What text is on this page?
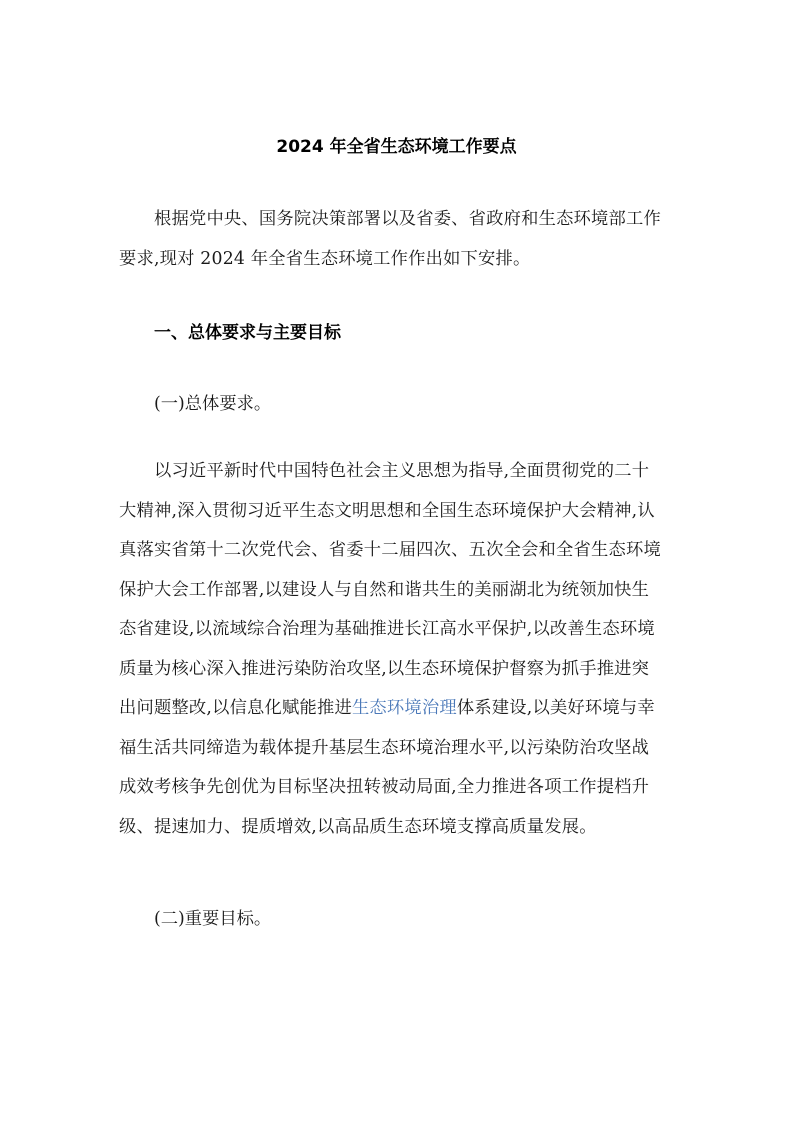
2024 年全省生态环境工作要点
根据党中央、国务院决策部署以及省委、省政府和生态环境部工作
要求,现对 2024 年全省生态环境工作作出如下安排。
一、总体要求与主要目标
(一)总体要求。
以习近平新时代中国特色社会主义思想为指导,全面贯彻党的二十
大精神,深入贯彻习近平生态文明思想和全国生态环境保护大会精神,认
真落实省第十二次党代会、省委十二届四次、五次全会和全省生态环境
保护大会工作部署,以建设人与自然和谐共生的美丽湖北为统领加快生
态省建设,以流域综合治理为基础推进长江高水平保护,以改善生态环境
质量为核心深入推进污染防治攻坚,以生态环境保护督察为抓手推进突
出问题整改,以信息化赋能推进生态环境治理体系建设,以美好环境与幸
福生活共同缔造为载体提升基层生态环境治理水平,以污染防治攻坚战
成效考核争先创优为目标坚决扭转被动局面,全力推进各项工作提档升
级、提速加力、提质增效,以高品质生态环境支撑高质量发展。
(二)重要目标。
